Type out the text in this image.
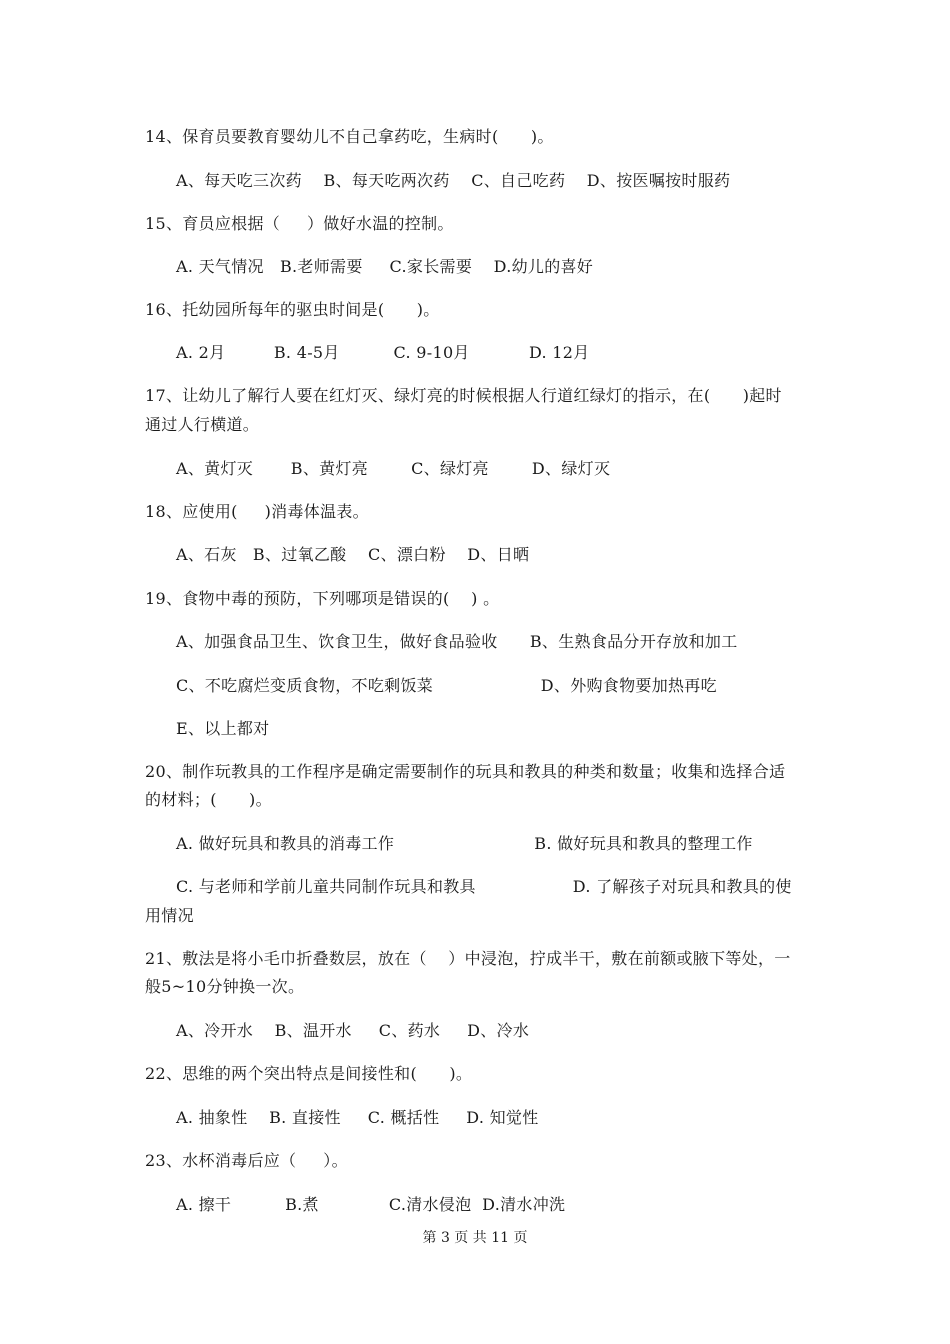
14、保育员要教育婴幼儿不自己拿药吃，生病时(      )。
A、每天吃三次药    B、每天吃两次药    C、自己吃药    D、按医嘱按时服药
15、育员应根据（     ）做好水温的控制。
A. 天气情况   B.老师需要     C.家长需要    D.幼儿的喜好
16、托幼园所每年的驱虫时间是(      )。
A. 2月         B. 4-5月          C. 9-10月           D. 12月
17、让幼儿了解行人要在红灯灭、绿灯亮的时候根据人行道红绿灯的指示，在(      )起时
通过人行横道。
A、黄灯灭       B、黄灯亮        C、绿灯亮        D、绿灯灭
18、应使用(     )消毒体温表。
A、石灰   B、过氧乙酸    C、漂白粉    D、日晒
19、食物中毒的预防，下列哪项是错误的(    ) 。
A、加强食品卫生、饮食卫生，做好食品验收      B、生熟食品分开存放和加工
C、不吃腐烂变质食物，不吃剩饭菜                    D、外购食物要加热再吃
E、以上都对
20、制作玩教具的工作程序是确定需要制作的玩具和教具的种类和数量；收集和选择合适
的材料；(      )。
A. 做好玩具和教具的消毒工作                          B. 做好玩具和教具的整理工作
C. 与老师和学前儿童共同制作玩具和教具                  D. 了解孩子对玩具和教具的使
用情况
21、敷法是将小毛巾折叠数层，放在（    ）中浸泡，拧成半干，敷在前额或腋下等处，一
般5~10分钟换一次。
A、冷开水    B、温开水     C、药水     D、冷水
22、思维的两个突出特点是间接性和(      )。
A. 抽象性    B. 直接性     C. 概括性     D. 知觉性
23、水杯消毒后应（     ）。
A. 擦干          B.煮             C.清水侵泡  D.清水冲洗
第 3 页 共 11 页
